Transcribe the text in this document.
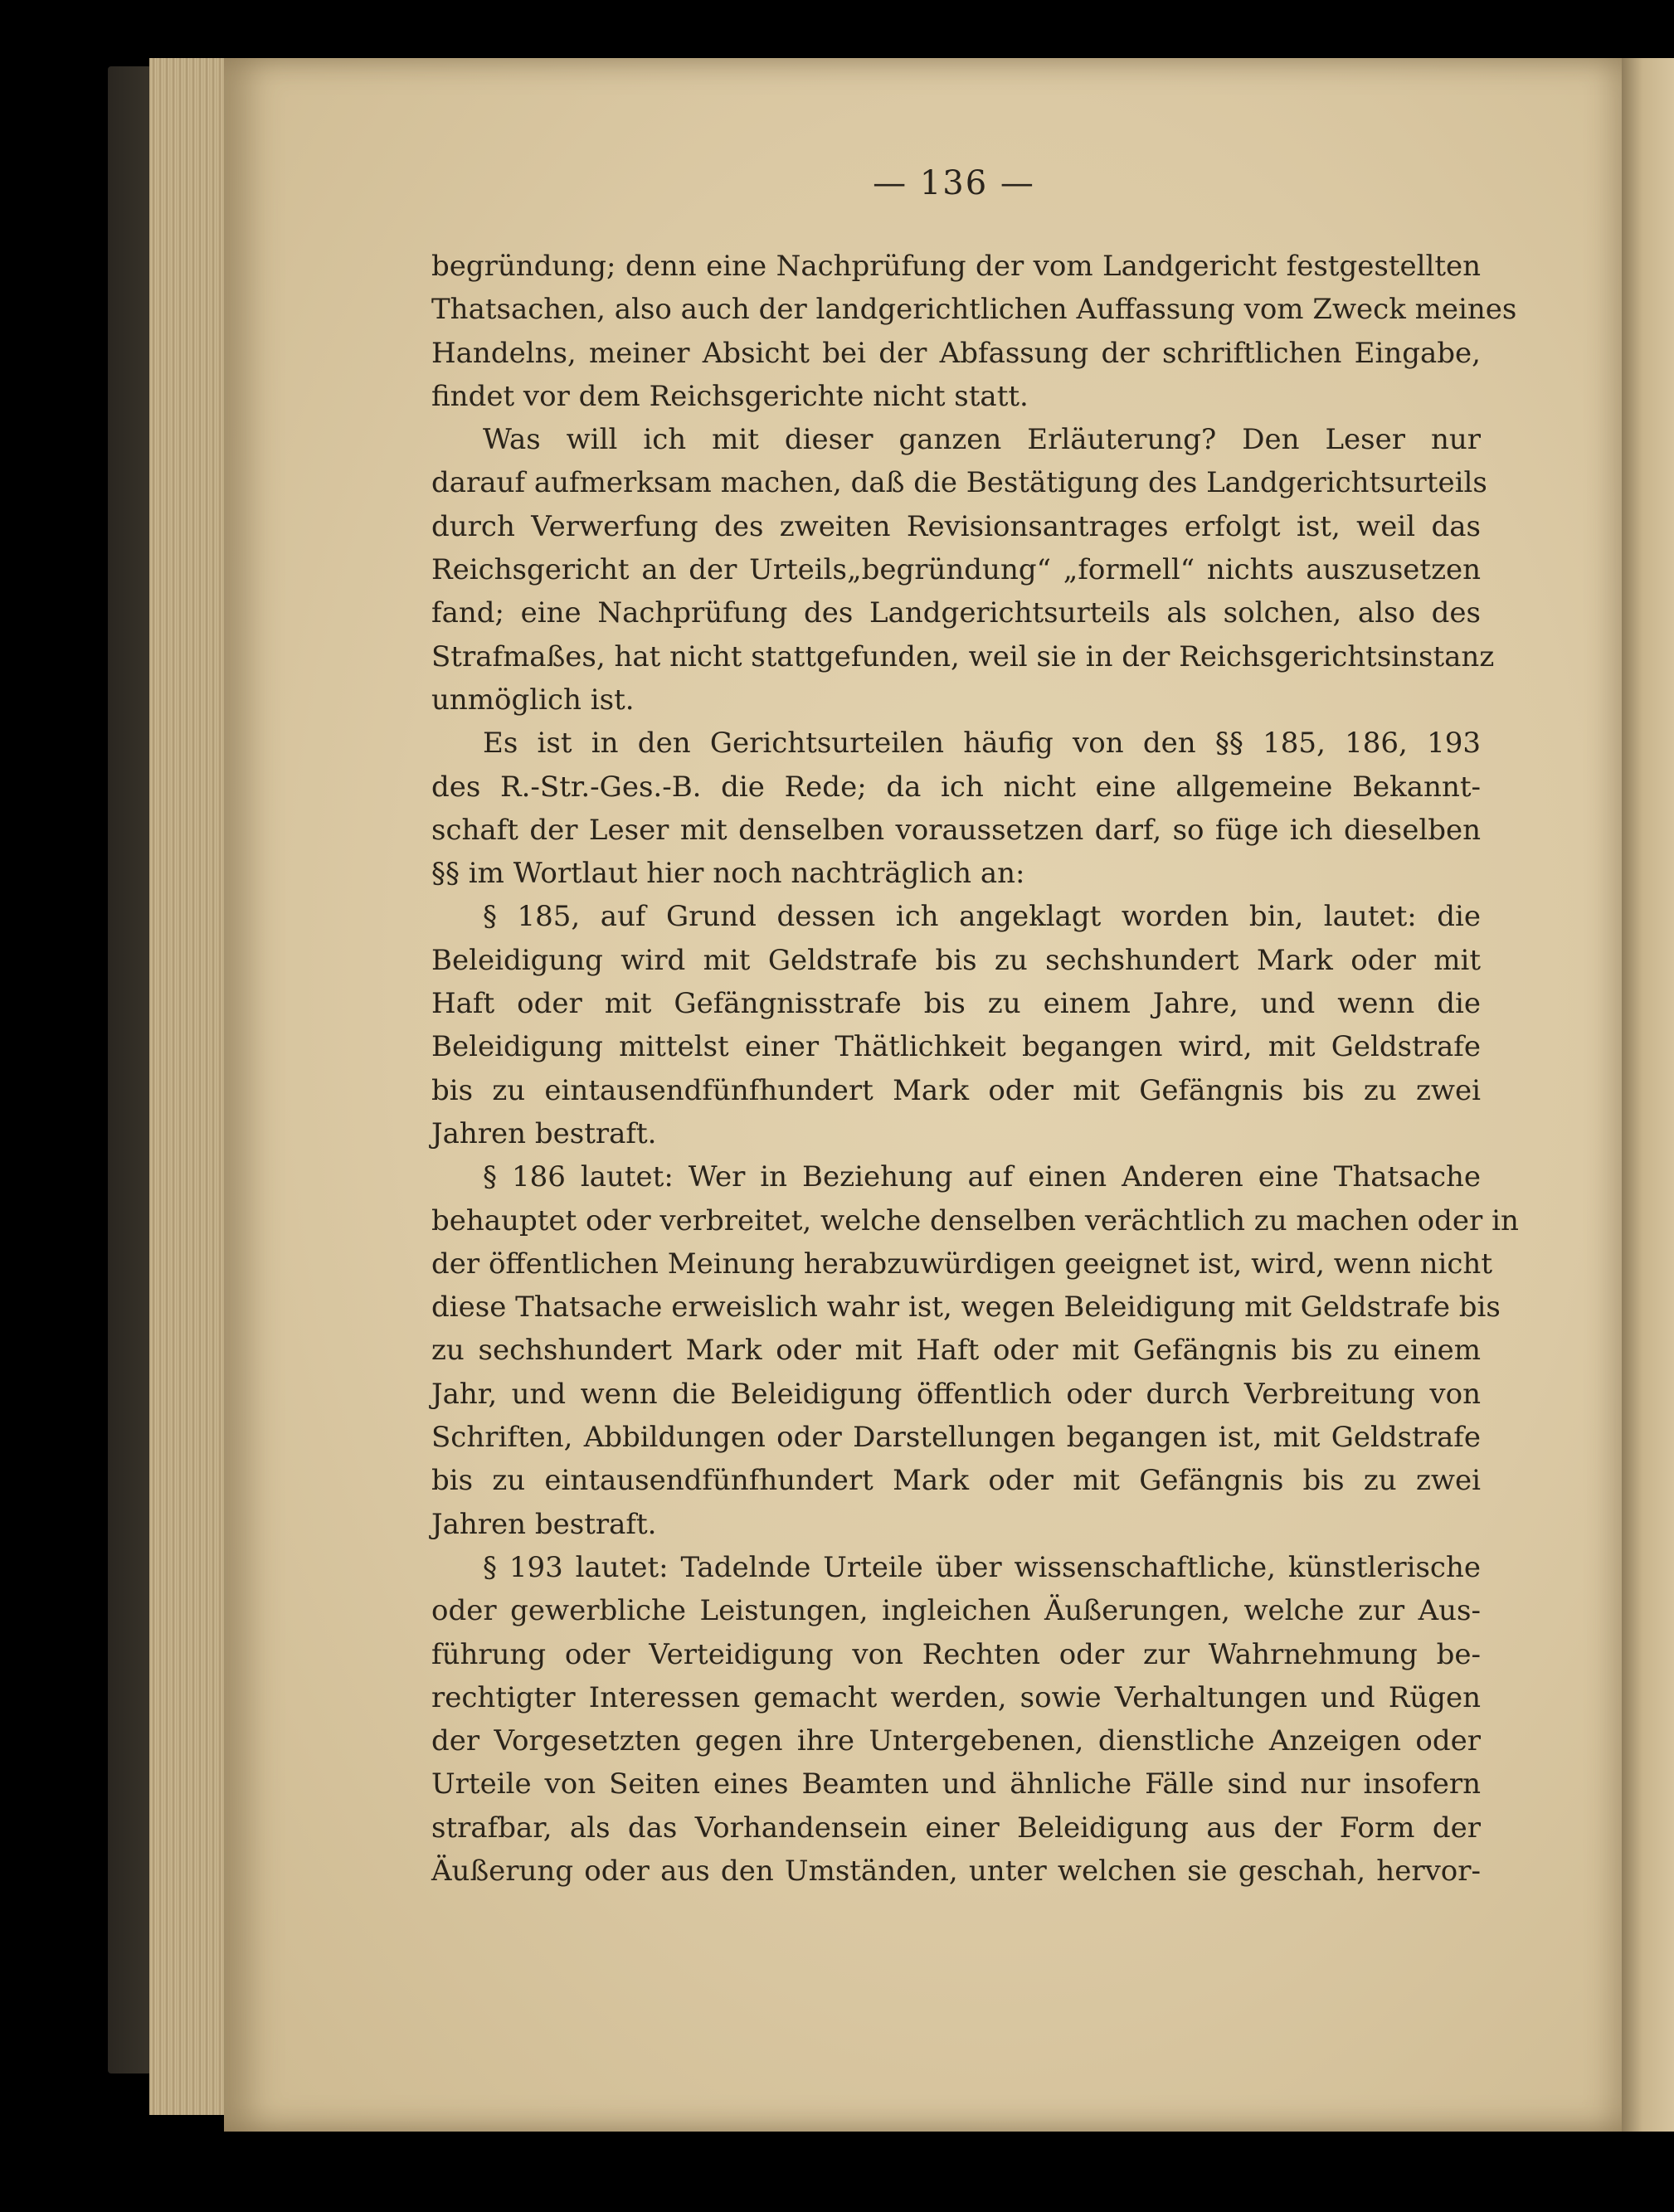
— 136 —
begründung; denn eine Nachprüfung der vom Landgericht festgestellten
Thatsachen, also auch der landgerichtlichen Auffassung vom Zweck meines
Handelns, meiner Absicht bei der Abfassung der schriftlichen Eingabe,
findet vor dem Reichsgerichte nicht statt.
Was will ich mit dieser ganzen Erläuterung? Den Leser nur
darauf aufmerksam machen, daß die Bestätigung des Landgerichtsurteils
durch Verwerfung des zweiten Revisionsantrages erfolgt ist, weil das
Reichsgericht an der Urteils„begründung“ „formell“ nichts auszusetzen
fand; eine Nachprüfung des Landgerichtsurteils als solchen, also des
Strafmaßes, hat nicht stattgefunden, weil sie in der Reichsgerichtsinstanz
unmöglich ist.
Es ist in den Gerichtsurteilen häufig von den §§ 185, 186, 193
des R.-Str.-Ges.-B. die Rede; da ich nicht eine allgemeine Bekannt-
schaft der Leser mit denselben voraussetzen darf, so füge ich dieselben
§§ im Wortlaut hier noch nachträglich an:
§ 185, auf Grund dessen ich angeklagt worden bin, lautet: die
Beleidigung wird mit Geldstrafe bis zu sechshundert Mark oder mit
Haft oder mit Gefängnisstrafe bis zu einem Jahre, und wenn die
Beleidigung mittelst einer Thätlichkeit begangen wird, mit Geldstrafe
bis zu eintausendfünfhundert Mark oder mit Gefängnis bis zu zwei
Jahren bestraft.
§ 186 lautet: Wer in Beziehung auf einen Anderen eine Thatsache
behauptet oder verbreitet, welche denselben verächtlich zu machen oder in
der öffentlichen Meinung herabzuwürdigen geeignet ist, wird, wenn nicht
diese Thatsache erweislich wahr ist, wegen Beleidigung mit Geldstrafe bis
zu sechshundert Mark oder mit Haft oder mit Gefängnis bis zu einem
Jahr, und wenn die Beleidigung öffentlich oder durch Verbreitung von
Schriften, Abbildungen oder Darstellungen begangen ist, mit Geldstrafe
bis zu eintausendfünfhundert Mark oder mit Gefängnis bis zu zwei
Jahren bestraft.
§ 193 lautet: Tadelnde Urteile über wissenschaftliche, künstlerische
oder gewerbliche Leistungen, ingleichen Äußerungen, welche zur Aus-
führung oder Verteidigung von Rechten oder zur Wahrnehmung be-
rechtigter Interessen gemacht werden, sowie Verhaltungen und Rügen
der Vorgesetzten gegen ihre Untergebenen, dienstliche Anzeigen oder
Urteile von Seiten eines Beamten und ähnliche Fälle sind nur insofern
strafbar, als das Vorhandensein einer Beleidigung aus der Form der
Äußerung oder aus den Umständen, unter welchen sie geschah, hervor-
